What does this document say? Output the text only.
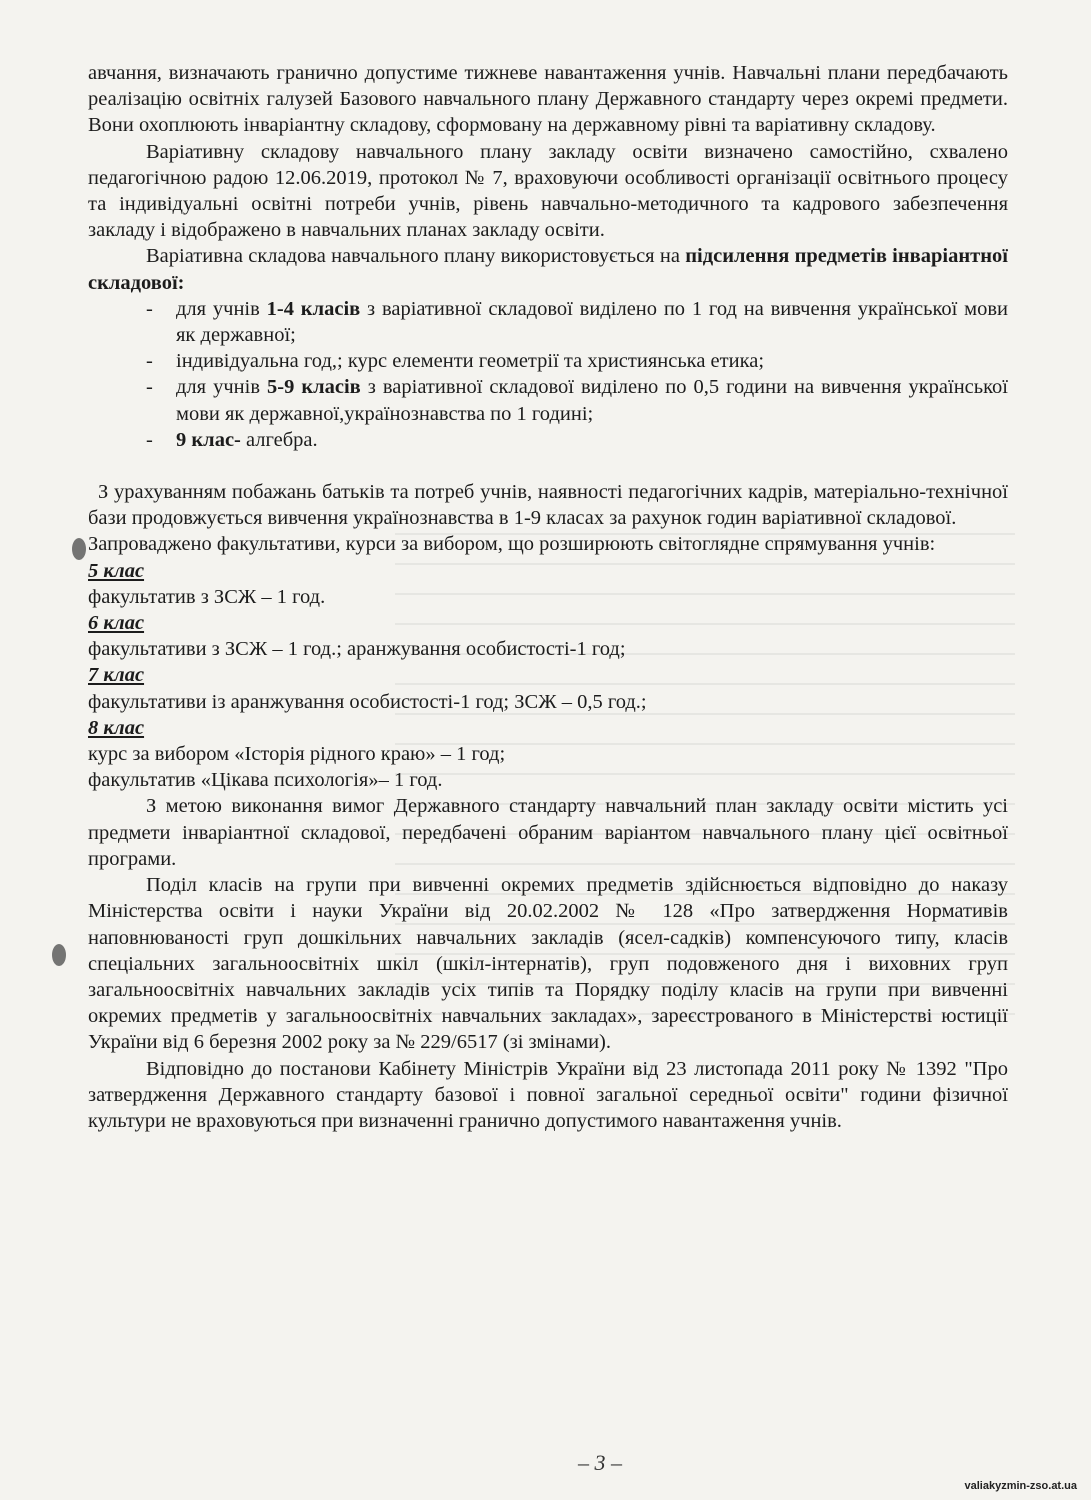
авчання, визначають гранично допустиме тижневе навантаження учнів. Навчальні плани передбачають реалізацію освітніх галузей Базового навчального плану Державного стандарту через окремі предмети. Вони охоплюють інваріантну складову, сформовану на державному рівні та варіативну складову.

Варіативну складову навчального плану закладу освіти визначено самостійно, схвалено педагогічною радою 12.06.2019, протокол № 7, враховуючи особливості організації освітнього процесу та індивідуальні освітні потреби учнів, рівень навчально-методичного та кадрового забезпечення закладу і відображено в навчальних планах закладу освіти.

Варіативна складова навчального плану використовується на підсилення предметів інваріантної складової:

- для учнів 1-4 класів з варіативної складової виділено по 1 год на вивчення української мови як державної;
- індивідуальна год,; курс елементи геометрії та християнська етика;
- для учнів 5-9 класів з варіативної складової виділено по 0,5 години на вивчення української мови як державної,українознавства по 1 годині;
- 9 клас- алгебра.

З урахуванням побажань батьків та потреб учнів, наявності педагогічних кадрів, матеріально-технічної бази продовжується вивчення українознавства в 1-9 класах за рахунок годин варіативної складової.

Запроваджено факультативи, курси за вибором, що розширюють світоглядне спрямування учнів:

5 клас
факультатив з ЗСЖ – 1 год.
6 клас
факультативи з ЗСЖ – 1 год.; аранжування особистості-1 год;
7 клас
факультативи із аранжування особистості-1 год; ЗСЖ – 0,5 год.;
8 клас
курс за вибором «Історія рідного краю» – 1 год;
факультатив «Цікава психологія»– 1 год.

З метою виконання вимог Державного стандарту навчальний план закладу освіти містить усі предмети інваріантної складової, передбачені обраним варіантом навчального плану цієї освітньої програми.

Поділ класів на групи при вивченні окремих предметів здійснюється відповідно до наказу Міністерства освіти і науки України від 20.02.2002 № 128 «Про затвердження Нормативів наповнюваності груп дошкільних навчальних закладів (ясел-садків) компенсуючого типу, класів спеціальних загальноосвітніх шкіл (шкіл-інтернатів), груп подовженого дня і виховних груп загальноосвітніх навчальних закладів усіх типів та Порядку поділу класів на групи при вивченні окремих предметів у загальноосвітніх навчальних закладах», зареєстрованого в Міністерстві юстиції України від 6 березня 2002 року за № 229/6517 (зі змінами).

Відповідно до постанови Кабінету Міністрів України від 23 листопада 2011 року № 1392 "Про затвердження Державного стандарту базової і повної загальної середньої освіти" години фізичної культури не враховуються при визначенні гранично допустимого навантаження учнів.

– 3 –
valiakyzmin-zso.at.ua
